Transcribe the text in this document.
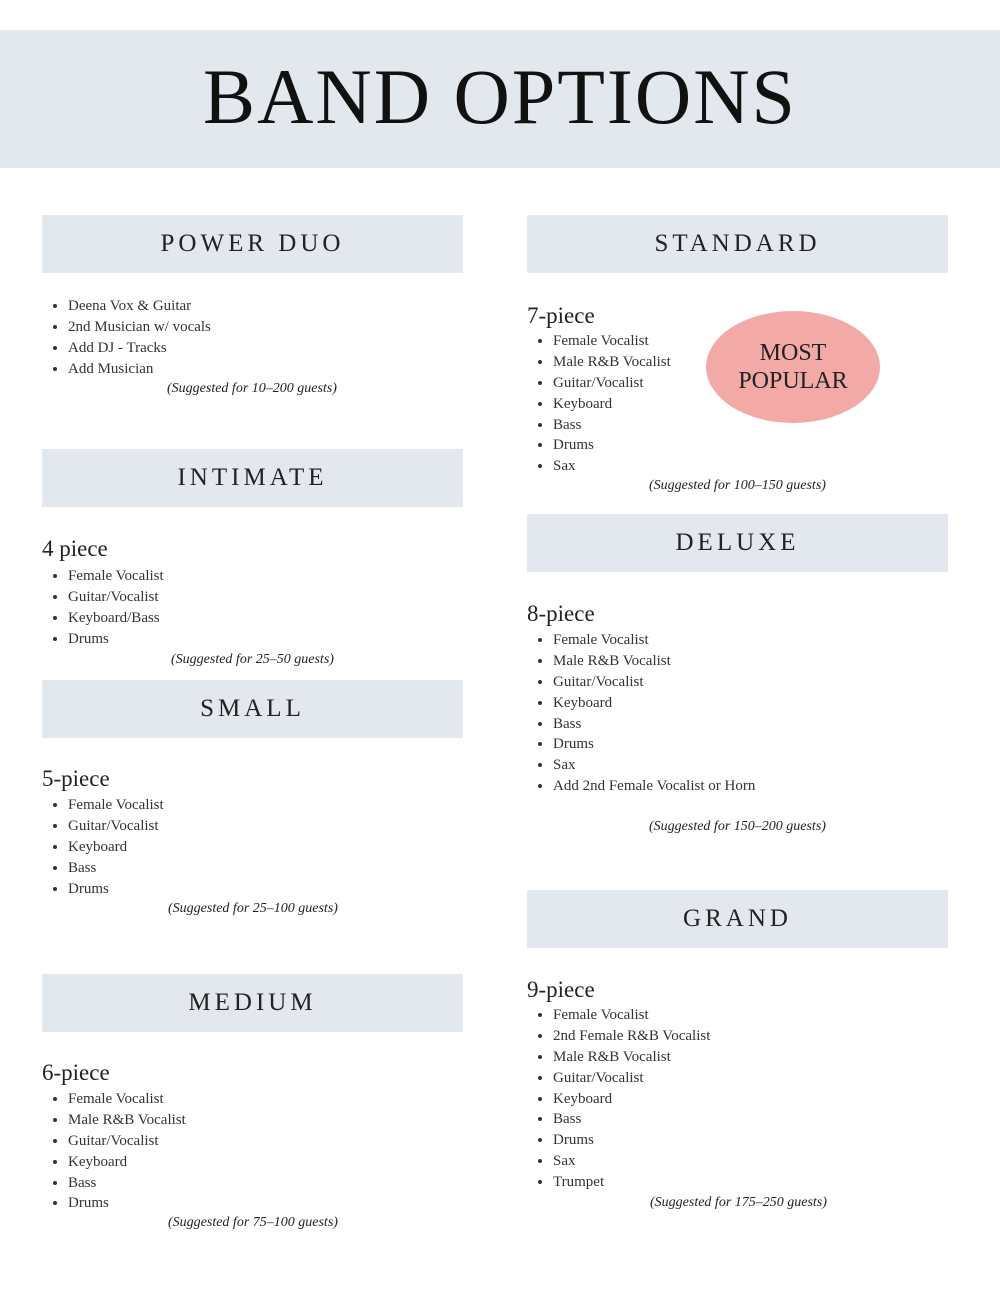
BAND OPTIONS
POWER DUO
• Deena Vox & Guitar
• 2nd Musician w/ vocals
• Add DJ - Tracks
• Add Musician
(Suggested for 10–200 guests)
INTIMATE
4 piece
• Female Vocalist
• Guitar/Vocalist
• Keyboard/Bass
• Drums
(Suggested for 25–50 guests)
SMALL
5-piece
• Female Vocalist
• Guitar/Vocalist
• Keyboard
• Bass
• Drums
(Suggested for 25–100 guests)
MEDIUM
6-piece
• Female Vocalist
• Male R&B Vocalist
• Guitar/Vocalist
• Keyboard
• Bass
• Drums
(Suggested for 75–100 guests)
STANDARD
7-piece
• Female Vocalist
• Male R&B Vocalist
• Guitar/Vocalist
• Keyboard
• Bass
• Drums
• Sax
(Suggested for 100–150 guests)
MOST
POPULAR
DELUXE
8-piece
• Female Vocalist
• Male R&B Vocalist
• Guitar/Vocalist
• Keyboard
• Bass
• Drums
• Sax
• Add 2nd Female Vocalist or Horn
(Suggested for 150–200 guests)
GRAND
9-piece
• Female Vocalist
• 2nd Female R&B Vocalist
• Male R&B Vocalist
• Guitar/Vocalist
• Keyboard
• Bass
• Drums
• Sax
• Trumpet
(Suggested for 175–250 guests)
